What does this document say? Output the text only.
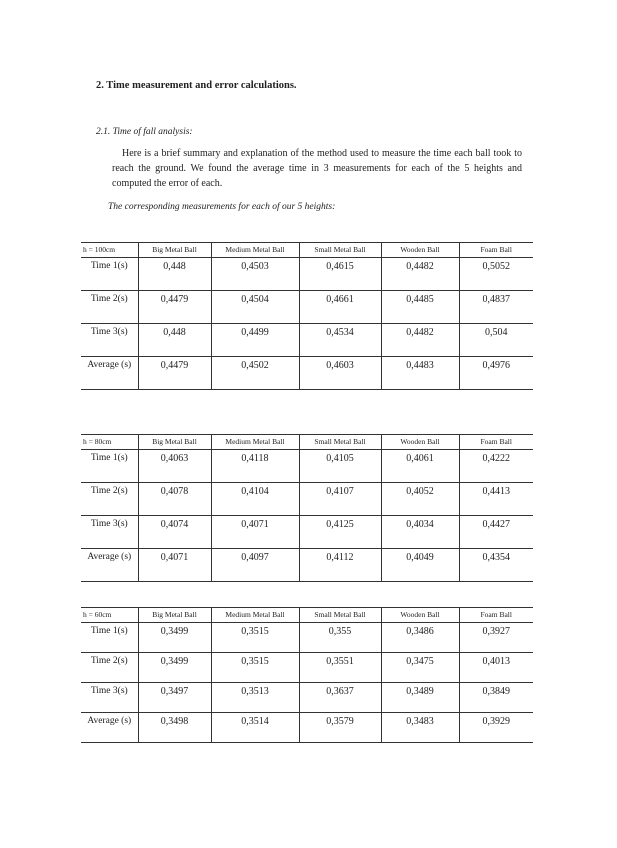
2. Time measurement and error calculations.
2.1. Time of fall analysis:

Here is a brief summary and explanation of the method used to measure the time each ball took to reach the ground. We found the average time in 3 measurements for each of the 5 heights and computed the error of each.

The corresponding measurements for each of our 5 heights:
h = 100cm	Big Metal Ball	Medium Metal Ball	Small Metal Ball	Wooden Ball	Foam Ball
Time 1(s)	0,448	0,4503	0,4615	0,4482	0,5052
Time 2(s)	0,4479	0,4504	0,4661	0,4485	0,4837
Time 3(s)	0,448	0,4499	0,4534	0,4482	0,504
Average (s)	0,4479	0,4502	0,4603	0,4483	0,4976
h = 80cm	Big Metal Ball	Medium Metal Ball	Small Metal Ball	Wooden Ball	Foam Ball
Time 1(s)	0,4063	0,4118	0,4105	0,4061	0,4222
Time 2(s)	0,4078	0,4104	0,4107	0,4052	0,4413
Time 3(s)	0,4074	0,4071	0,4125	0,4034	0,4427
Average (s)	0,4071	0,4097	0,4112	0,4049	0,4354
h = 60cm	Big Metal Ball	Medium Metal Ball	Small Metal Ball	Wooden Ball	Foam Ball
Time 1(s)	0,3499	0,3515	0,355	0,3486	0,3927
Time 2(s)	0,3499	0,3515	0,3551	0,3475	0,4013
Time 3(s)	0,3497	0,3513	0,3637	0,3489	0,3849
Average (s)	0,3498	0,3514	0,3579	0,3483	0,3929
